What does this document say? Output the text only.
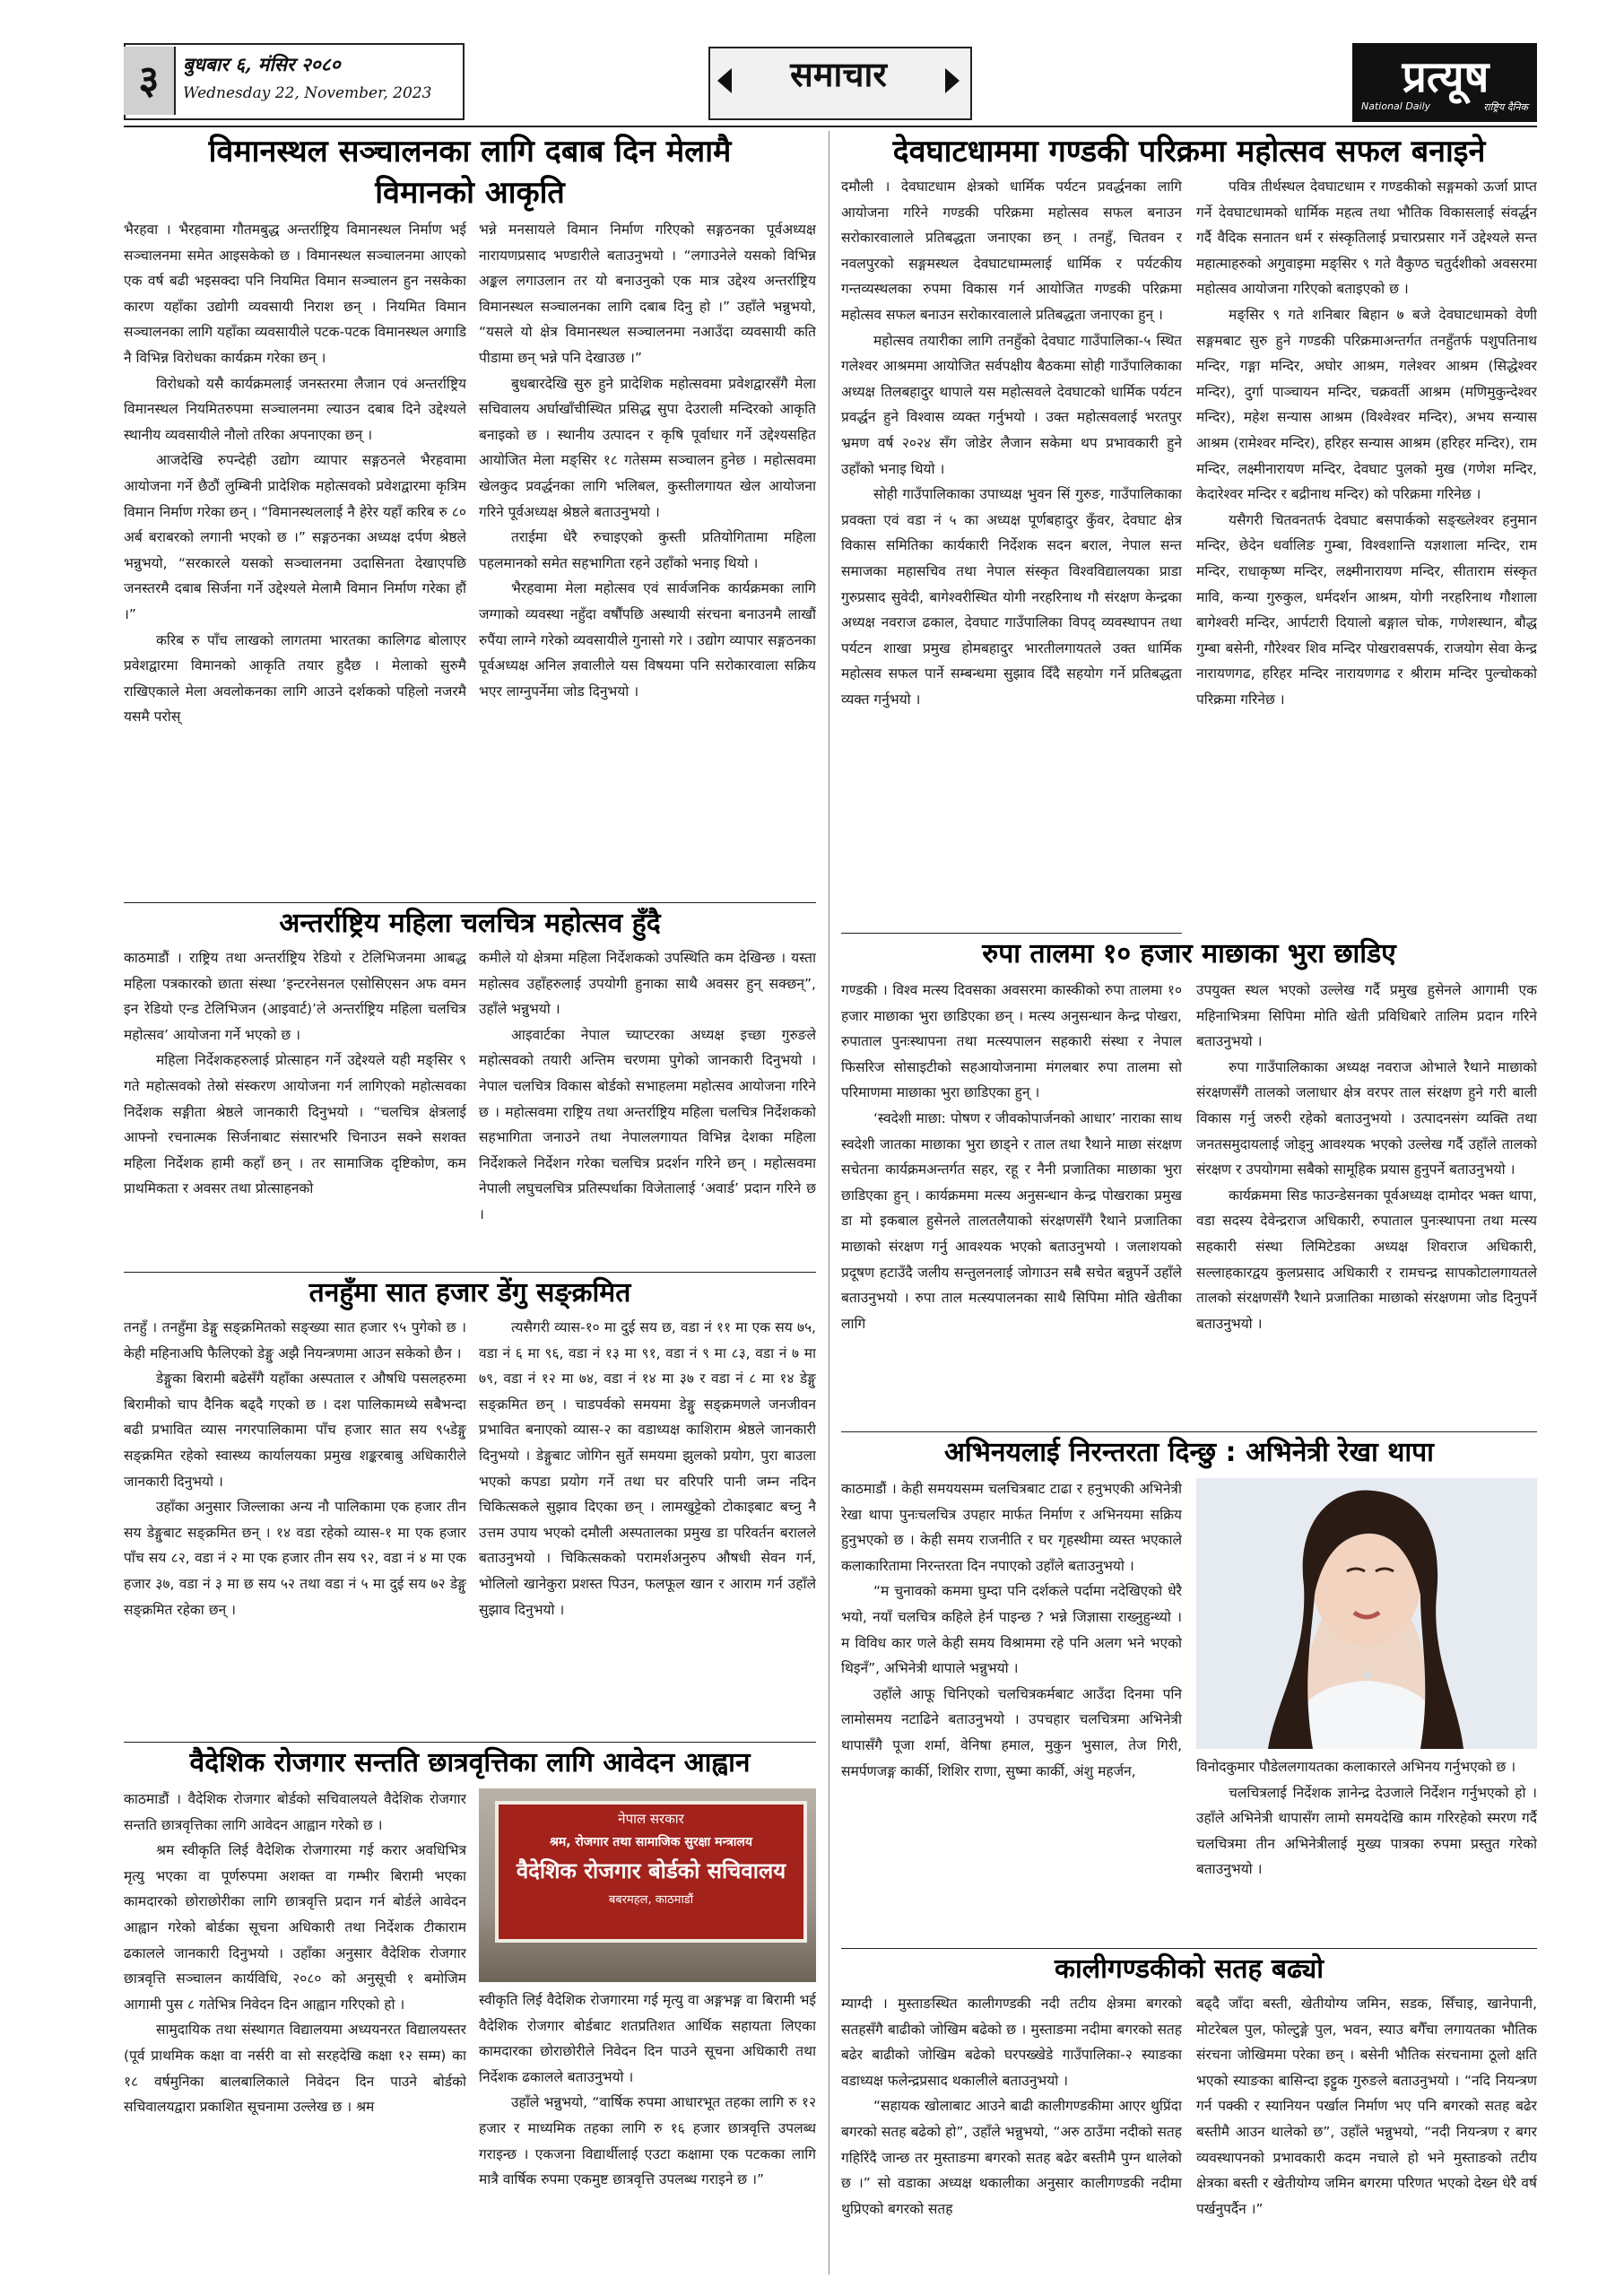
३	बुधबार ६, मंसिर २०८०
Wednesday 22, November, 2023	समाचार	प्रत्यूष
National Daily	राष्ट्रिय दैनिक
विमानस्थल सञ्चालनका लागि दबाब दिन मेलामै
विमानको आकृति

भैरहवा । भैरहवामा गौतमबुद्ध अन्तर्राष्ट्रिय विमानस्थल निर्माण भई सञ्चालनमा समेत आइसकेको छ । विमानस्थल सञ्चालनमा आएको एक वर्ष बढी भइसक्दा पनि नियमित विमान सञ्चालन हुन नसकेका कारण यहाँका उद्योगी व्यवसायी निराश छन् । नियमित विमान सञ्चालनका लागि यहाँका व्यवसायीले पटक-पटक विमानस्थल अगाडि नै विभिन्न विरोधका कार्यक्रम गरेका छन् ।

विरोधको यसै कार्यक्रमलाई जनस्तरमा लैजान एवं अन्तर्राष्ट्रिय विमानस्थल नियमितरुपमा सञ्चालनमा ल्याउन दबाब दिने उद्देश्यले स्थानीय व्यवसायीले नौलो तरिका अपनाएका छन् ।

आजदेखि रुपन्देही उद्योग व्यापार सङ्गठनले भैरहवामा आयोजना गर्ने छैठौं लुम्बिनी प्रादेशिक महोत्सवको प्रवेशद्वारमा कृत्रिम विमान निर्माण गरेका छन् । “विमानस्थललाई नै हेरेर यहाँ करिब रु ८० अर्ब बराबरको लगानी भएको छ ।” सङ्गठनका अध्यक्ष दर्पण श्रेष्ठले भन्नुभयो, “सरकारले यसको सञ्चालनमा उदासिनता देखाएपछि जनस्तरमै दबाब सिर्जना गर्ने उद्देश्यले मेलामै विमान निर्माण गरेका हौं ।”

करिब रु पाँच लाखको लागतमा भारतका कालिगढ बोलाएर प्रवेशद्वारमा विमानको आकृति तयार हुदैछ । मेलाको सुरुमै राखिएकाले मेला अवलोकनका लागि आउने दर्शकको पहिलो नजरमै यसमै परोस्

भन्ने मनसायले विमान निर्माण गरिएको सङ्गठनका पूर्वअध्यक्ष नारायणप्रसाद भण्डारीले बताउनुभयो । “लगाउनेले यसको विभिन्न अङ्कल लगाउलान तर यो बनाउनुको एक मात्र उद्देश्य अन्तर्राष्ट्रिय विमानस्थल सञ्चालनका लागि दबाब दिनु हो ।” उहाँले भन्नुभयो, “यसले यो क्षेत्र विमानस्थल सञ्चालनमा नआउँदा व्यवसायी कति पीडामा छन् भन्ने पनि देखाउछ ।”

बुधबारदेखि सुरु हुने प्रादेशिक महोत्सवमा प्रवेशद्वारसँगै मेला सचिवालय अर्घाखाँचीस्थित प्रसिद्ध सुपा देउराली मन्दिरको आकृति बनाइको छ । स्थानीय उत्पादन र कृषि पूर्वाधार गर्ने उद्देश्यसहित आयोजित मेला मङ्सिर १८ गतेसम्म सञ्चालन हुनेछ । महोत्सवमा खेलकुद प्रवर्द्धनका लागि भलिबल, कुस्तीलगायत खेल आयोजना गरिने पूर्वअध्यक्ष श्रेष्ठले बताउनुभयो ।

तराईमा धेरै रुचाइएको कुस्ती प्रतियोगितामा महिला पहलमानको समेत सहभागिता रहने उहाँको भनाइ थियो ।

भैरहवामा मेला महोत्सव एवं सार्वजनिक कार्यक्रमका लागि जग्गाको व्यवस्था नहुँदा वर्षौंपछि अस्थायी संरचना बनाउनमै लाखौं रुपैंया लाग्ने गरेको व्यवसायीले गुनासो गरे । उद्योग व्यापार सङ्गठनका पूर्वअध्यक्ष अनिल ज्ञवालीले यस विषयमा पनि सरोकारवाला सक्रिय भएर लाग्नुपर्नेमा जोड दिनुभयो ।

अन्तर्राष्ट्रिय महिला चलचित्र महोत्सव हुँदै

काठमाडौं । राष्ट्रिय तथा अन्तर्राष्ट्रिय रेडियो र टेलिभिजनमा आबद्ध महिला पत्रकारको छाता संस्था ‘इन्टरनेसनल एसोसिएसन अफ वमन इन रेडियो एन्ड टेलिभिजन (आइवार्ट)’ले अन्तर्राष्ट्रिय महिला चलचित्र महोत्सव’ आयोजना गर्ने भएको छ ।

महिला निर्देशकहरुलाई प्रोत्साहन गर्ने उद्देश्यले यही मङ्सिर ९ गते महोत्सवको तेस्रो संस्करण आयोजना गर्न लागिएको महोत्सवका निर्देशक सङ्गीता श्रेष्ठले जानकारी दिनुभयो । “चलचित्र क्षेत्रलाई आफ्नो रचनात्मक सिर्जनाबाट संसारभरि चिनाउन सक्ने सशक्त महिला निर्देशक हामी कहाँ छन् । तर सामाजिक दृष्टिकोण, कम प्राथमिकता र अवसर तथा प्रोत्साहनको

कमीले यो क्षेत्रमा महिला निर्देशकको उपस्थिति कम देखिन्छ । यस्ता महोत्सव उहाँहरुलाई उपयोगी हुनाका साथै अवसर हुन् सक्छन्”, उहाँले भन्नुभयो ।

आइवार्टका नेपाल च्याप्टरका अध्यक्ष इच्छा गुरुङले महोत्सवको तयारी अन्तिम चरणमा पुगेको जानकारी दिनुभयो । नेपाल चलचित्र विकास बोर्डको सभाहलमा महोत्सव आयोजना गरिने छ । महोत्सवमा राष्ट्रिय तथा अन्तर्राष्ट्रिय महिला चलचित्र निर्देशकको सहभागिता जनाउने तथा नेपाललगायत विभिन्न देशका महिला निर्देशकले निर्देशन गरेका चलचित्र प्रदर्शन गरिने छन् । महोत्सवमा नेपाली लघुचलचित्र प्रतिस्पर्धाका विजेतालाई ‘अवार्ड’ प्रदान गरिने छ ।

तनहुँमा सात हजार डेंगु सङ्क्रमित

तनहुँ । तनहुँमा डेङ्गु सङ्क्रमितको सङ्ख्या सात हजार ९५ पुगेको छ । केही महिनाअघि फैलिएको डेङ्गु अझै नियन्त्रणमा आउन सकेको छैन ।

डेङ्गुका बिरामी बढेसँगै यहाँका अस्पताल र औषधि पसलहरुमा बिरामीको चाप दैनिक बढ्दै गएको छ । दश पालिकामध्ये सबैभन्दा बढी प्रभावित व्यास नगरपालिकामा पाँच हजार सात सय ९५डेङ्गु सङ्क्रमित रहेको स्वास्थ्य कार्यालयका प्रमुख शङ्करबाबु अधिकारीले जानकारी दिनुभयो ।

उहाँका अनुसार जिल्लाका अन्य नौ पालिकामा एक हजार तीन सय डेङ्गुबाट सङ्क्रमित छन् । १४ वडा रहेको व्यास-१ मा एक हजार पाँच सय ८२, वडा नं २ मा एक हजार तीन सय ९२, वडा नं ४ मा एक हजार ३७, वडा नं ३ मा छ सय ५२ तथा वडा नं ५ मा दुई सय ७२ डेङ्गु सङ्क्रमित रहेका छन् ।

त्यसैगरी व्यास-१० मा दुई सय छ, वडा नं ११ मा एक सय ७५, वडा नं ६ मा ९६, वडा नं १३ मा ९१, वडा नं ९ मा ८३, वडा नं ७ मा ७९, वडा नं १२ मा ७४, वडा नं १४ मा ३७ र वडा नं ८ मा १४ डेङ्गु सङ्क्रमित छन् । चाडपर्वको समयमा डेङ्गु सङ्क्रमणले जनजीवन प्रभावित बनाएको व्यास-२ का वडाध्यक्ष काशिराम श्रेष्ठले जानकारी दिनुभयो । डेङ्गुबाट जोगिन सुर्ते समयमा झुलको प्रयोग, पुरा बाउला भएको कपडा प्रयोग गर्ने तथा घर वरिपरि पानी जम्न नदिन चिकित्सकले सुझाव दिएका छन् । लामखुट्टेको टोकाइबाट बच्नु नै उत्तम उपाय भएको दमौली अस्पतालका प्रमुख डा परिवर्तन बरालले बताउनुभयो । चिकित्सकको परामर्शअनुरुप औषधी सेवन गर्न, भोलिलो खानेकुरा प्रशस्त पिउन, फलफूल खान र आराम गर्न उहाँले सुझाव दिनुभयो ।

वैदेशिक रोजगार सन्तति छात्रवृत्तिका लागि आवेदन आह्वान

काठमाडौं । वैदेशिक रोजगार बोर्डको सचिवालयले वैदेशिक रोजगार सन्तति छात्रवृत्तिका लागि आवेदन आह्वान गरेको छ ।

श्रम स्वीकृति लिई वैदेशिक रोजगारमा गई करार अवधिभित्र मृत्यु भएका वा पूर्णरुपमा अशक्त वा गम्भीर बिरामी भएका कामदारको छोराछोरीका लागि छात्रवृत्ति प्रदान गर्न बोर्डले आवेदन आह्वान गरेको बोर्डका सूचना अधिकारी तथा निर्देशक टीकाराम ढकालले जानकारी दिनुभयो । उहाँका अनुसार वैदेशिक रोजगार छात्रवृत्ति सञ्चालन कार्यविधि, २०८० को अनुसूची १ बमोजिम आगामी पुस ८ गतेभित्र निवेदन दिन आह्वान गरिएको हो ।

सामुदायिक तथा संस्थागत विद्यालयमा अध्ययनरत विद्यालयस्तर (पूर्व प्राथमिक कक्षा वा नर्सरी वा सो सरहदेखि कक्षा १२ सम्म) का १८ वर्षमुनिका बालबालिकाले निवेदन दिन पाउने बोर्डको सचिवालयद्वारा प्रकाशित सूचनामा उल्लेख छ । श्रम

नेपाल सरकार
श्रम, रोजगार तथा सामाजिक सुरक्षा मन्त्रालय
वैदेशिक रोजगार बोर्डको सचिवालय
बबरमहल, काठमाडौं

स्वीकृति लिई वैदेशिक रोजगारमा गई मृत्यु वा अङ्गभङ्ग वा बिरामी भई वैदेशिक रोजगार बोर्डबाट शतप्रतिशत आर्थिक सहायता लिएका कामदारका छोराछोरीले निवेदन दिन पाउने सूचना अधिकारी तथा निर्देशक ढकालले बताउनुभयो ।

उहाँले भन्नुभयो, “वार्षिक रुपमा आधारभूत तहका लागि रु १२ हजार र माध्यमिक तहका लागि रु १६ हजार छात्रवृत्ति उपलब्ध गराइन्छ । एकजना विद्यार्थीलाई एउटा कक्षामा एक पटकका लागि मात्रै वार्षिक रुपमा एकमुष्ट छात्रवृत्ति उपलब्ध गराइने छ ।”

देवघाटधाममा गण्डकी परिक्रमा महोत्सव सफल बनाइने

दमौली । देवघाटधाम क्षेत्रको धार्मिक पर्यटन प्रवर्द्धनका लागि आयोजना गरिने गण्डकी परिक्रमा महोत्सव सफल बनाउन सरोकारवालाले प्रतिबद्धता जनाएका छन् । तनहुँ, चितवन र नवलपुरको सङ्गमस्थल देवघाटधाम्मलाई धार्मिक र पर्यटकीय गन्तव्यस्थलका रुपमा विकास गर्न आयोजित गण्डकी परिक्रमा महोत्सव सफल बनाउन सरोकारवालाले प्रतिबद्धता जनाएका हुन् ।

महोत्सव तयारीका लागि तनहुँको देवघाट गाउँपालिका-५ स्थित गलेश्वर आश्रममा आयोजित सर्वपक्षीय बैठकमा सोही गाउँपालिकाका अध्यक्ष तिलबहादुर थापाले यस महोत्सवले देवघाटको धार्मिक पर्यटन प्रवर्द्धन हुने विश्वास व्यक्त गर्नुभयो । उक्त महोत्सवलाई भरतपुर भ्रमण वर्ष २०२४ सँग जोडेर लैजान सकेमा थप प्रभावकारी हुने उहाँको भनाइ थियो ।

सोही गाउँपालिकाका उपाध्यक्ष भुवन सिं गुरुङ, गाउँपालिकाका प्रवक्ता एवं वडा नं ५ का अध्यक्ष पूर्णबहादुर कुँवर, देवघाट क्षेत्र विकास समितिका कार्यकारी निर्देशक सदन बराल, नेपाल सन्त समाजका महासचिव तथा नेपाल संस्कृत विश्वविद्यालयका प्राडा गुरुप्रसाद सुवेदी, बागेश्वरीस्थित योगी नरहरिनाथ गौ संरक्षण केन्द्रका अध्यक्ष नवराज ढकाल, देवघाट गाउँपालिका विपद् व्यवस्थापन तथा पर्यटन शाखा प्रमुख होमबहादुर भारतीलगायतले उक्त धार्मिक महोत्सव सफल पार्ने सम्बन्धमा सुझाव दिँदै सहयोग गर्ने प्रतिबद्धता व्यक्त गर्नुभयो ।

पवित्र तीर्थस्थल देवघाटधाम र गण्डकीको सङ्गमको ऊर्जा प्राप्त गर्ने देवघाटधामको धार्मिक महत्व तथा भौतिक विकासलाई संवर्द्धन गर्दै वैदिक सनातन धर्म र संस्कृतिलाई प्रचारप्रसार गर्ने उद्देश्यले सन्त महात्माहरुको अगुवाइमा मङ्सिर ९ गते वैकुण्ठ चतुर्दशीको अवसरमा महोत्सव आयोजना गरिएको बताइएको छ ।

मङ्सिर ९ गते शनिबार बिहान ७ बजे देवघाटधामको वेणी सङ्गमबाट सुरु हुने गण्डकी परिक्रमाअन्तर्गत तनहुँतर्फ पशुपतिनाथ मन्दिर, गङ्गा मन्दिर, अघोर आश्रम, गलेश्वर आश्रम (सिद्धेश्वर मन्दिर), दुर्गा पाञ्चायन मन्दिर, चक्रवर्ती आश्रम (मणिमुकुन्देश्वर मन्दिर), महेश सन्यास आश्रम (विश्वेश्वर मन्दिर), अभय सन्यास आश्रम (रामेश्वर मन्दिर), हरिहर सन्यास आश्रम (हरिहर मन्दिर), राम मन्दिर, लक्ष्मीनारायण मन्दिर, देवघाट पुलको मुख (गणेश मन्दिर, केदारेश्वर मन्दिर र बद्रीनाथ मन्दिर) को परिक्रमा गरिनेछ ।

यसैगरी चितवनतर्फ देवघाट बसपार्कको सङ्ख्लेश्वर हनुमान मन्दिर, छेदेन धर्वालिङ गुम्बा, विश्वशान्ति यज्ञशाला मन्दिर, राम मन्दिर, राधाकृष्ण मन्दिर, लक्ष्मीनारायण मन्दिर, सीताराम संस्कृत मावि, कन्या गुरुकुल, धर्मदर्शन आश्रम, योगी नरहरिनाथ गौशाला बागेश्वरी मन्दिर, आर्पटारी दियालो बङ्गाल चोक, गणेशस्थान, बौद्ध गुम्बा बसेनी, गौरेश्वर शिव मन्दिर पोखरावसपर्क, राजयोग सेवा केन्द्र नारायणगढ, हरिहर मन्दिर नारायणगढ र श्रीराम मन्दिर पुल्चोकको परिक्रमा गरिनेछ ।

रुपा तालमा १० हजार माछाका भुरा छाडिए

गण्डकी । विश्व मत्स्य दिवसका अवसरमा कास्कीको रुपा तालमा १० हजार माछाका भुरा छाडिएका छन् । मत्स्य अनुसन्धान केन्द्र पोखरा, रुपाताल पुनःस्थापना तथा मत्स्यपालन सहकारी संस्था र नेपाल फिसरिज सोसाइटीको सहआयोजनामा मंगलबार रुपा तालमा सो परिमाणमा माछाका भुरा छाडिएका हुन् ।

‘स्वदेशी माछा: पोषण र जीवकोपार्जनको आधार’ नाराका साथ स्वदेशी जातका माछाका भुरा छाड्ने र ताल तथा रैथाने माछा संरक्षण सचेतना कार्यक्रमअन्तर्गत सहर, रहू र नैनी प्रजातिका माछाका भुरा छाडिएका हुन् । कार्यक्रममा मत्स्य अनुसन्धान केन्द्र पोखराका प्रमुख डा मो इकबाल हुसेनले तालतलैयाको संरक्षणसँगै रैथाने प्रजातिका माछाको संरक्षण गर्नु आवश्यक भएको बताउनुभयो । जलाशयको प्रदूषण हटाउँदै जलीय सन्तुलनलाई जोगाउन सबै सचेत बन्नुपर्ने उहाँले बताउनुभयो । रुपा ताल मत्स्यपालनका साथै सिपिमा मोति खेतीका लागि

उपयुक्त स्थल भएको उल्लेख गर्दै प्रमुख हुसेनले आगामी एक महिनाभित्रमा सिपिमा मोति खेती प्रविधिबारे तालिम प्रदान गरिने बताउनुभयो ।

रुपा गाउँपालिकाका अध्यक्ष नवराज ओभाले रैथाने माछाको संरक्षणसँगै तालको जलाधार क्षेत्र वरपर ताल संरक्षण हुने गरी बाली विकास गर्नु जरुरी रहेको बताउनुभयो । उत्पादनसंग व्यक्ति तथा जनतसमुदायलाई जोड्नु आवश्यक भएको उल्लेख गर्दै उहाँले तालको संरक्षण र उपयोगमा सबैको सामूहिक प्रयास हुनुपर्ने बताउनुभयो ।

कार्यक्रममा सिड फाउन्डेसनका पूर्वअध्यक्ष दामोदर भक्त थापा, वडा सदस्य देवेन्द्रराज अधिकारी, रुपाताल पुनःस्थापना तथा मत्स्य सहकारी संस्था लिमिटेडका अध्यक्ष शिवराज अधिकारी, सल्लाहकारद्वय कुलप्रसाद अधिकारी र रामचन्द्र सापकोटालगायतले तालको संरक्षणसँगै रैथाने प्रजातिका माछाको संरक्षणमा जोड दिनुपर्ने बताउनुभयो ।

अभिनयलाई निरन्तरता दिन्छु : अभिनेत्री रेखा थापा

काठमाडौं । केही समययसम्म चलचित्रबाट टाढा र हनुभएकी अभिनेत्री रेखा थापा पुनःचलचित्र उपहार मार्फत निर्माण र अभिनयमा सक्रिय हुनुभएको छ । केही समय राजनीति र घर गृहस्थीमा व्यस्त भएकाले कलाकारितामा निरन्तरता दिन नपाएको उहाँले बताउनुभयो ।

“म चुनावको कममा घुम्दा पनि दर्शकले पर्दामा नदेखिएको धेरै भयो, नयाँ चलचित्र कहिले हेर्न पाइन्छ ? भन्ने जिज्ञासा राख्नुहुन्थ्यो । म विविध कार णले केही समय विश्राममा रहे पनि अलग भने भएको थिइनँ”, अभिनेत्री थापाले भन्नुभयो ।

उहाँले आफू चिनिएको चलचित्रकर्मबाट आउँदा दिनमा पनि लामोसमय नटाढिने बताउनुभयो । उपचहार चलचित्रमा अभिनेत्री थापासँगै पूजा शर्मा, वेनिषा हमाल, मुकुन भुसाल, तेज गिरी, समर्पणजङ्ग कार्की, शिशिर राणा, सुष्मा कार्की, अंशु महर्जन,	विनोदकुमार पौडेललगायतका कलाकारले अभिनय गर्नुभएको छ ।

चलचित्रलाई निर्देशक ज्ञानेन्द्र देउजाले निर्देशन गर्नुभएको हो । उहाँले अभिनेत्री थापासँग लामो समयदेखि काम गरिरहेको स्मरण गर्दै चलचित्रमा तीन अभिनेत्रीलाई मुख्य पात्रका रुपमा प्रस्तुत गरेको बताउनुभयो ।

कालीगण्डकीको सतह बढ्यो

म्याग्दी । मुस्ताङस्थित कालीगण्डकी नदी तटीय क्षेत्रमा बगरको सतहसँगै बाढीको जोखिम बढेको छ । मुस्ताङमा नदीमा बगरको सतह बढेर बाढीको जोखिम बढेको घरपख्खेडे गाउँपालिका-२ स्याङका वडाध्यक्ष फलेन्द्रप्रसाद थकालीले बताउनुभयो ।

“सहायक खोलाबाट आउने बाढी कालीगण्डकीमा आएर थुप्रिंदा बगरको सतह बढेको हो”, उहाँले भन्नुभयो, “अरु ठाउँमा नदीको सतह गहिरिंदै जान्छ तर मुस्ताङमा बगरको सतह बढेर बस्तीमै पुग्न थालेको छ ।” सो वडाका अध्यक्ष थकालीका अनुसार कालीगण्डकी नदीमा थुप्रिएको बगरको सतह

बढ्दै जाँदा बस्ती, खेतीयोग्य जमिन, सडक, सिँचाइ, खानेपानी, मोटरेबल पुल, फोल्टुङ्गे पुल, भवन, स्याउ बगैँचा लगायतका भौतिक संरचना जोखिममा परेका छन् । बसेनी भौतिक संरचनामा ठूलो क्षति भएको स्याङका बासिन्दा इट्टुक गुरुङले बताउनुभयो । “नदि नियन्त्रण गर्न पक्की र स्यानियन पर्खाल निर्माण भए पनि बगरको सतह बढेर बस्तीमै आउन थालेको छ”, उहाँले भन्नुभयो, “नदी नियन्त्रण र बगर व्यवस्थापनको प्रभावकारी कदम नचाले हो भने मुस्ताङको तटीय क्षेत्रका बस्ती र खेतीयोग्य जमिन बगरमा परिणत भएको देख्न धेरै वर्ष पर्खनुपर्दैन ।”
